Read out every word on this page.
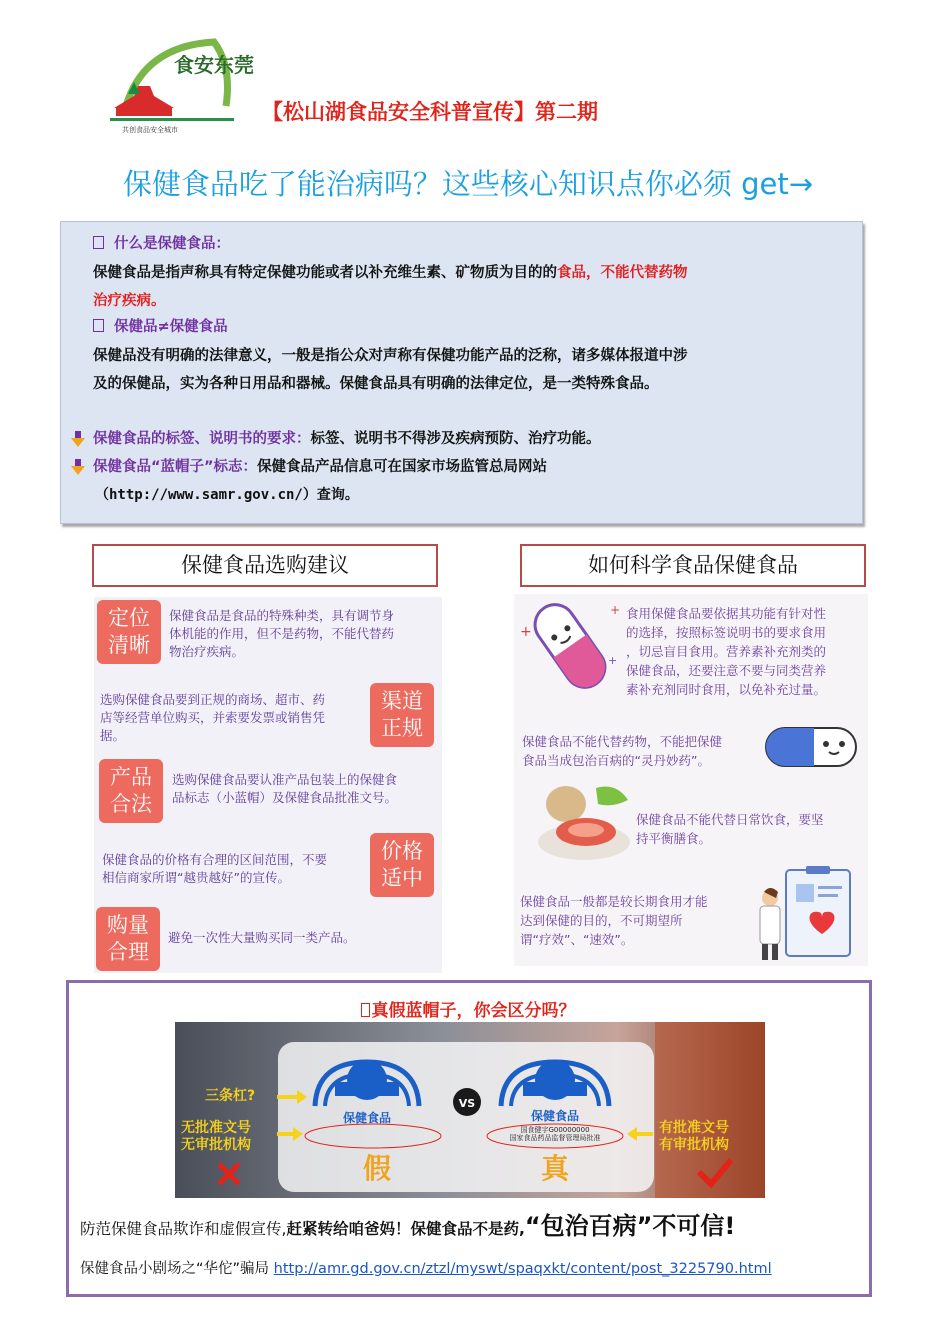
食安东莞
共创食品安全城市
【松山湖食品安全科普宣传】第二期
保健食品吃了能治病吗？这些核心知识点你必须 get→
什么是保健食品：
保健食品是指声称具有特定保健功能或者以补充维生素、矿物质为目的的食品，不能代替药物
治疗疾病。
保健品≠保健食品
保健品没有明确的法律意义，一般是指公众对声称有保健功能产品的泛称，诸多媒体报道中涉
及的保健品，实为各种日用品和器械。保健食品具有明确的法律定位，是一类特殊食品。
保健食品的标签、说明书的要求：标签、说明书不得涉及疾病预防、治疗功能。
保健食品“蓝帽子”标志：保健食品产品信息可在国家市场监管总局网站
（http://www.samr.gov.cn/）查询。
保健食品选购建议	如何科学食品保健食品
定位
清晰
保健食品是食品的特殊种类，具有调节身
体机能的作用，但不是药物，不能代替药
物治疗疾病。
渠道
正规
选购保健食品要到正规的商场、超市、药
店等经营单位购买，并索要发票或销售凭
据。
产品
合法
选购保健食品要认准产品包装上的保健食
品标志（小蓝帽）及保健食品批准文号。
价格
适中
保健食品的价格有合理的区间范围，不要
相信商家所谓“越贵越好”的宣传。
购量
合理
避免一次性大量购买同一类产品。
+
+
+
食用保健食品要依据其功能有针对性
的选择，按照标签说明书的要求食用
，切忌盲目食用。营养素补充剂类的
保健食品，还要注意不要与同类营养
素补充剂同时食用，以免补充过量。
保健食品不能代替药物，不能把保健
食品当成包治百病的“灵丹妙药”。
保健食品不能代替日常饮食，要坚
持平衡膳食。
保健食品一般都是较长期食用才能
达到保健的目的，不可期望所
谓“疗效”、“速效”。
真假蓝帽子，你会区分吗？
保健食品
VS
保健食品
国食健字G00000000
国家食品药品监督管理局批准
三条杠?
无批准文号
无审批机构
有批准文号
有审批机构
假	真
防范保健食品欺诈和虚假宣传,赶紧转给咱爸妈！保健食品不是药,“包治百病”不可信!
保健食品小剧场之“华佗”骗局 http://amr.gd.gov.cn/ztzl/myswt/spaqxkt/content/post_3225790.html
